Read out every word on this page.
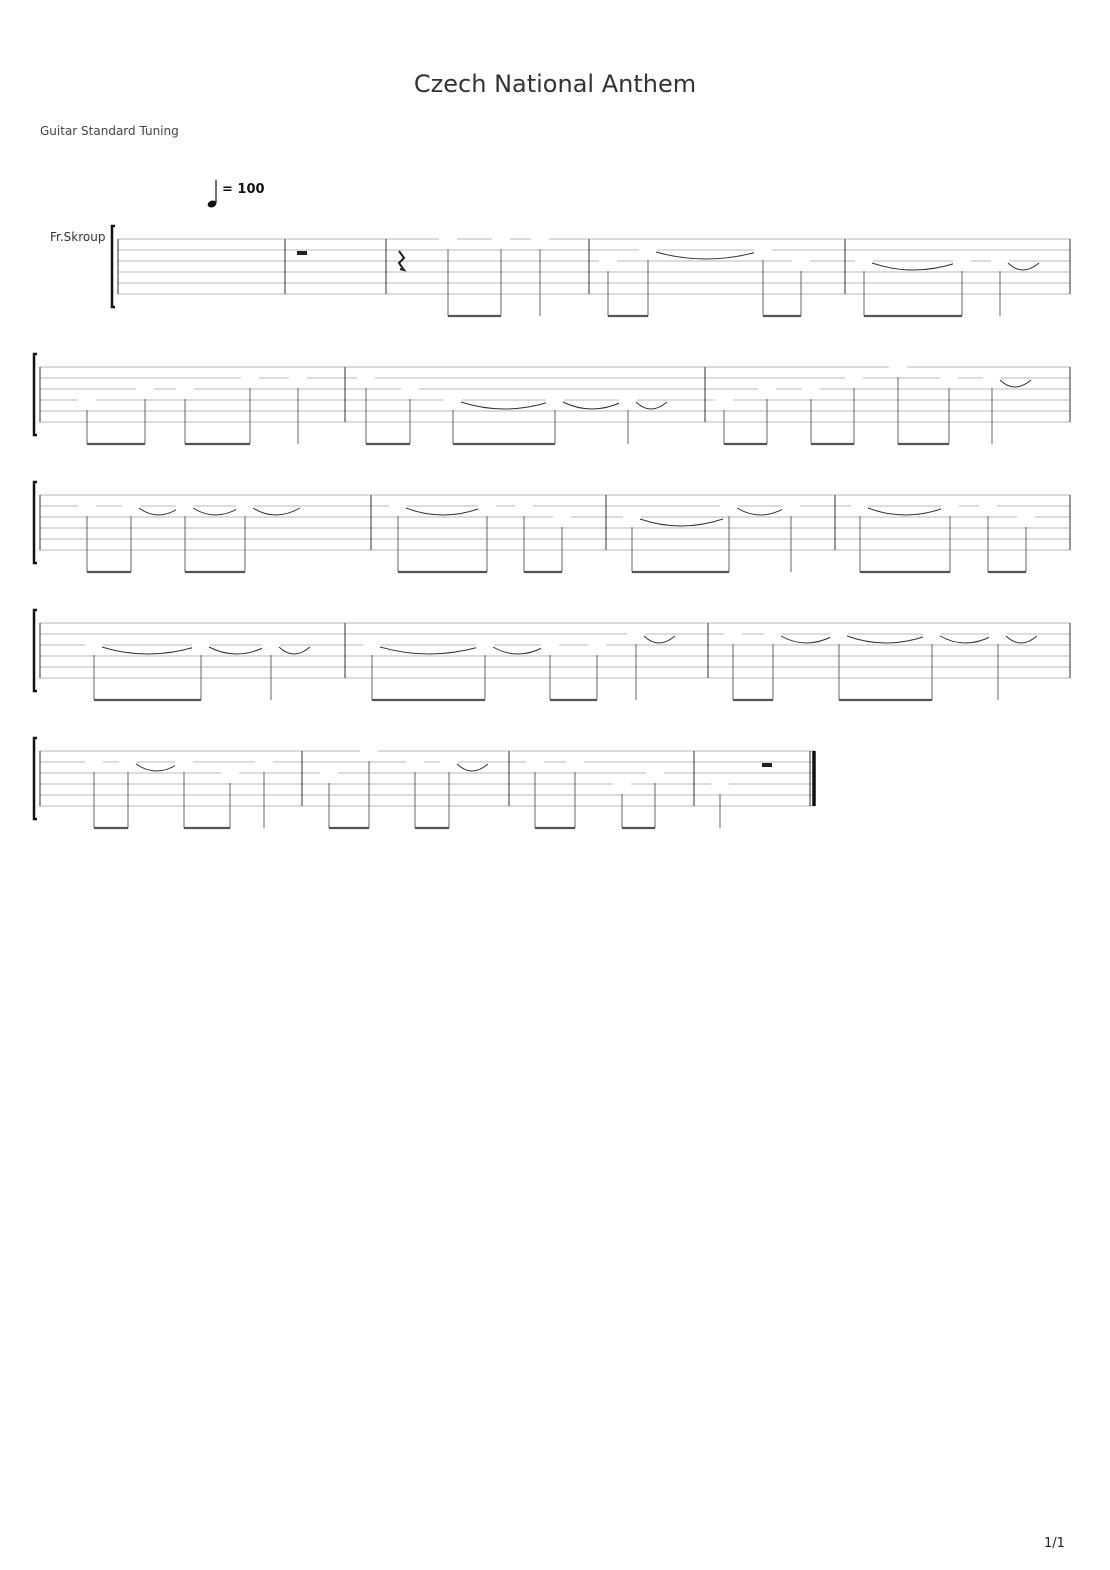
Czech National Anthem
Guitar Standard Tuning
= 100
Fr.Skroup
1/1
